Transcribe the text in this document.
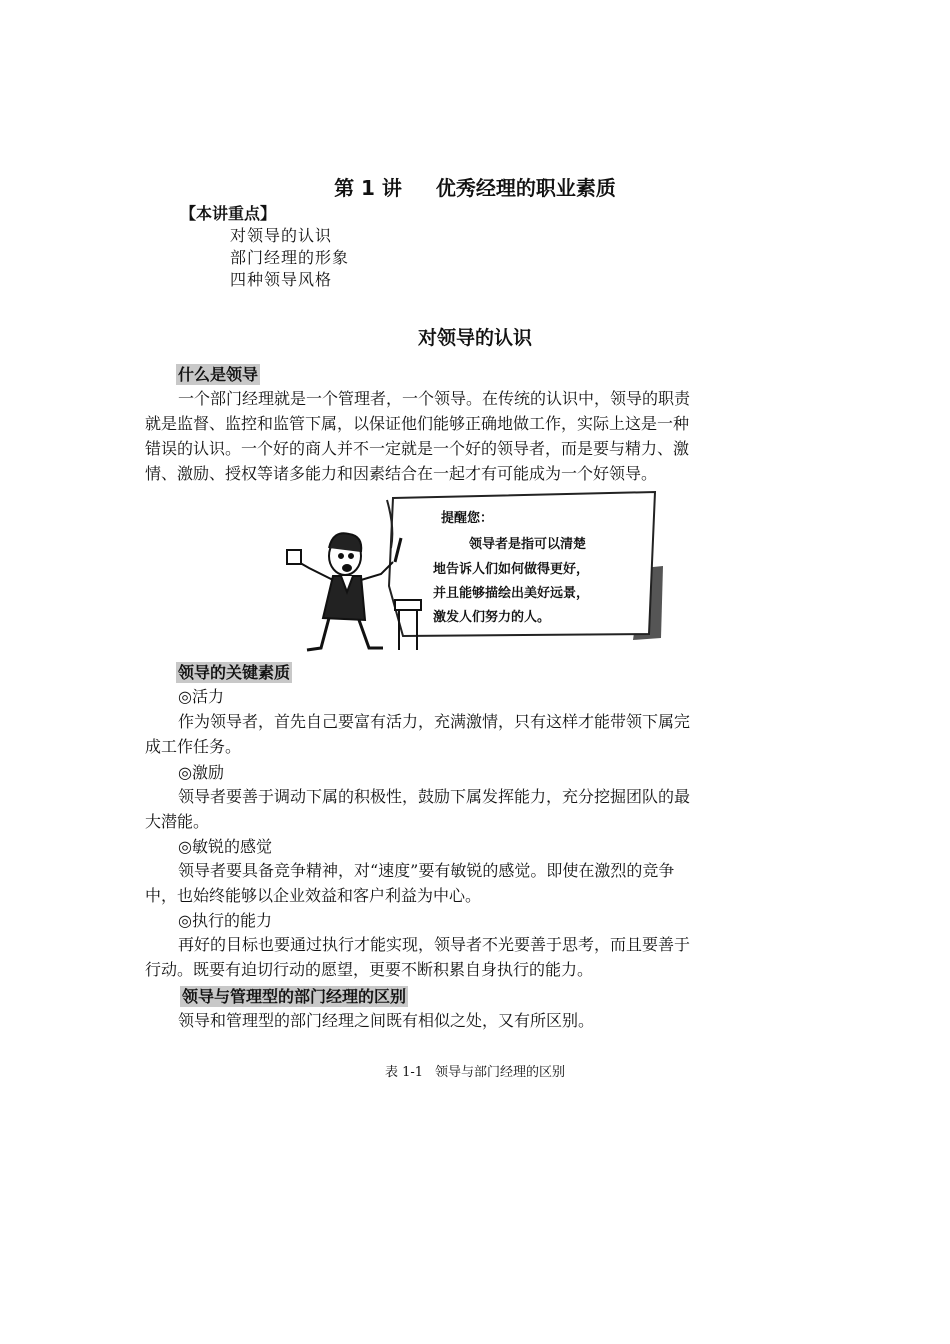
第 1 讲 优秀经理的职业素质
【本讲重点】
对领导的认识
部门经理的形象
四种领导风格
对领导的认识
什么是领导
一个部门经理就是一个管理者，一个领导。在传统的认识中，领导的职责
就是监督、监控和监管下属，以保证他们能够正确地做工作，实际上这是一种
错误的认识。一个好的商人并不一定就是一个好的领导者，而是要与精力、激
情、激励、授权等诸多能力和因素结合在一起才有可能成为一个好领导。
提醒您：
领导者是指可以清楚
地告诉人们如何做得更好，
并且能够描绘出美好远景，
激发人们努力的人。
领导的关键素质
◎活力
作为领导者，首先自己要富有活力，充满激情，只有这样才能带领下属完
成工作任务。
◎激励
领导者要善于调动下属的积极性，鼓励下属发挥能力，充分挖掘团队的最
大潜能。
◎敏锐的感觉
领导者要具备竞争精神，对“速度”要有敏锐的感觉。即使在激烈的竞争
中，也始终能够以企业效益和客户利益为中心。
◎执行的能力
再好的目标也要通过执行才能实现，领导者不光要善于思考，而且要善于
行动。既要有迫切行动的愿望，更要不断积累自身执行的能力。
领导与管理型的部门经理的区别
领导和管理型的部门经理之间既有相似之处，又有所区别。
表 1-1 领导与部门经理的区别
